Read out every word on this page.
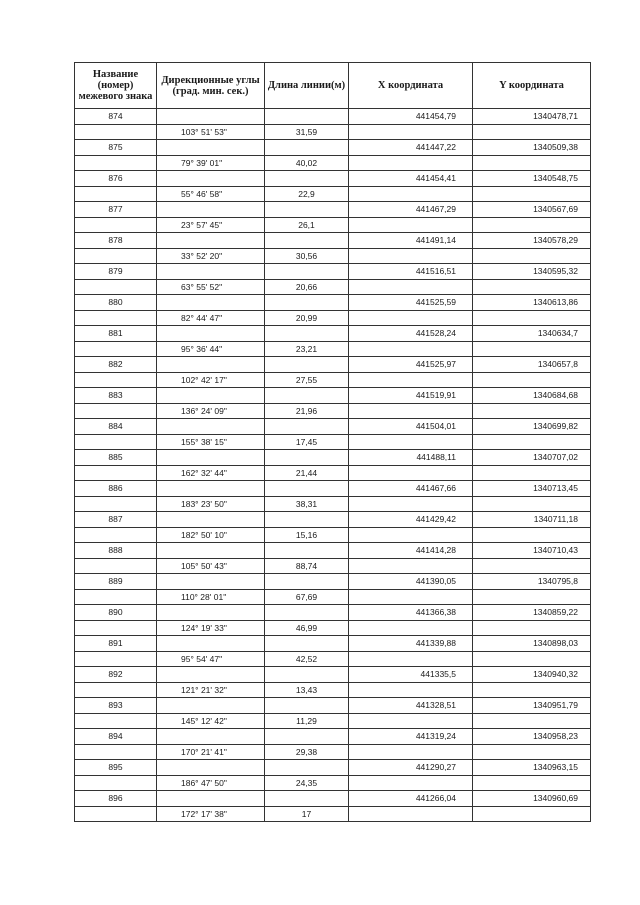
Название (номер) межевого знака	Дирекционные углы (град. мин. сек.)	Длина линии(м)	X координата	Y координата
874			441454,79	1340478,71
	103° 51' 53"	31,59		
875			441447,22	1340509,38
	79° 39' 01"	40,02		
876			441454,41	1340548,75
	55° 46' 58"	22,9		
877			441467,29	1340567,69
	23° 57' 45"	26,1		
878			441491,14	1340578,29
	33° 52' 20"	30,56		
879			441516,51	1340595,32
	63° 55' 52"	20,66		
880			441525,59	1340613,86
	82° 44' 47"	20,99		
881			441528,24	1340634,7
	95° 36' 44"	23,21		
882			441525,97	1340657,8
	102° 42' 17"	27,55		
883			441519,91	1340684,68
	136° 24' 09"	21,96		
884			441504,01	1340699,82
	155° 38' 15"	17,45		
885			441488,11	1340707,02
	162° 32' 44"	21,44		
886			441467,66	1340713,45
	183° 23' 50"	38,31		
887			441429,42	1340711,18
	182° 50' 10"	15,16		
888			441414,28	1340710,43
	105° 50' 43"	88,74		
889			441390,05	1340795,8
	110° 28' 01"	67,69		
890			441366,38	1340859,22
	124° 19' 33"	46,99		
891			441339,88	1340898,03
	95° 54' 47"	42,52		
892			441335,5	1340940,32
	121° 21' 32"	13,43		
893			441328,51	1340951,79
	145° 12' 42"	11,29		
894			441319,24	1340958,23
	170° 21' 41"	29,38		
895			441290,27	1340963,15
	186° 47' 50"	24,35		
896			441266,04	1340960,69
	172° 17' 38"	17		
